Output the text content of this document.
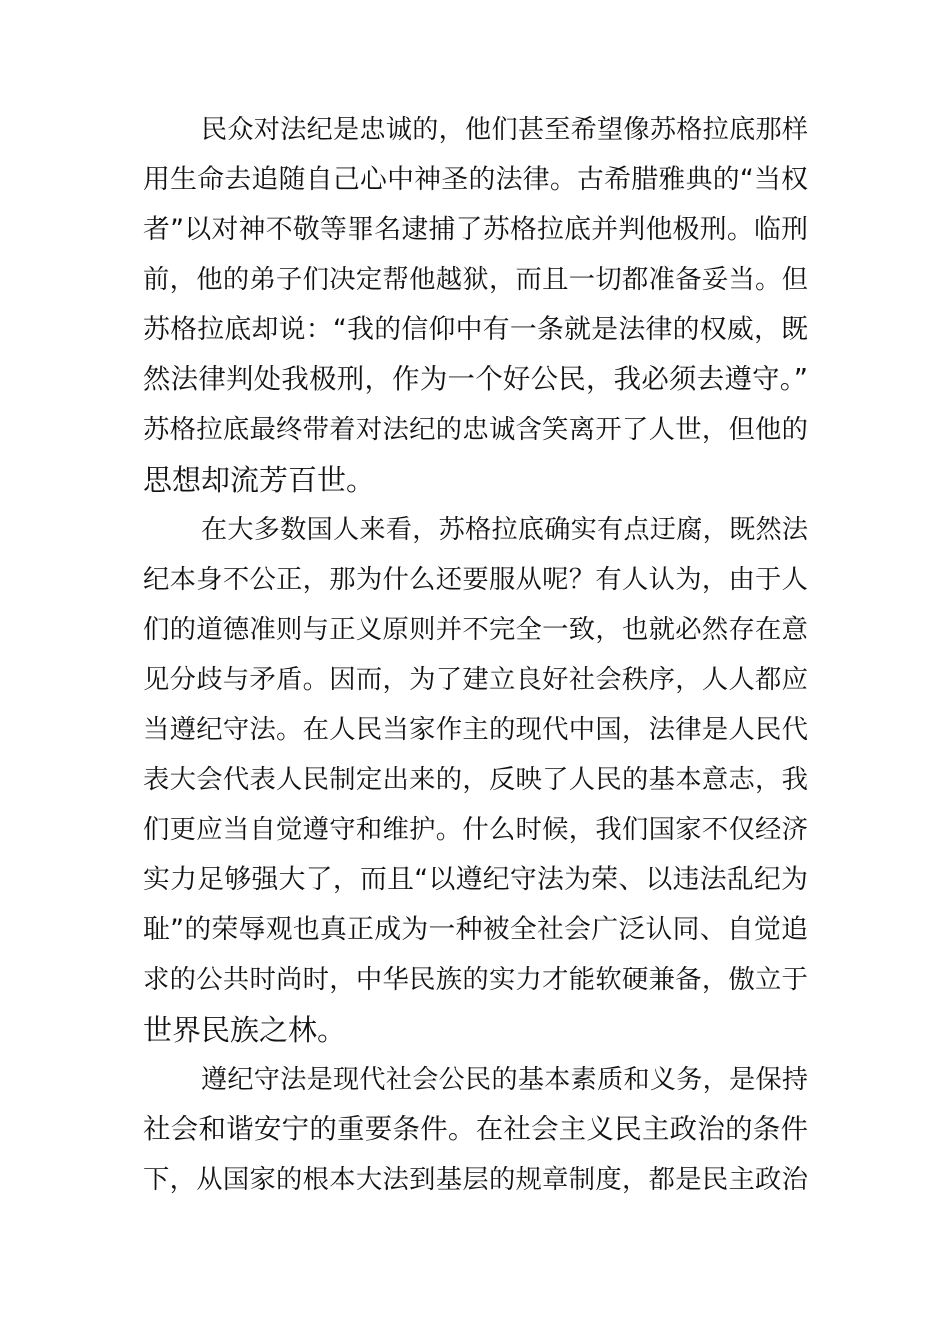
民众对法纪是忠诚的，他们甚至希望像苏格拉底那样
用生命去追随自己心中神圣的法律。古希腊雅典的“当权
者”以对神不敬等罪名逮捕了苏格拉底并判他极刑。临刑
前，他的弟子们决定帮他越狱，而且一切都准备妥当。但
苏格拉底却说：“我的信仰中有一条就是法律的权威，既
然法律判处我极刑，作为一个好公民，我必须去遵守。”
苏格拉底最终带着对法纪的忠诚含笑离开了人世，但他的
思想却流芳百世。
在大多数国人来看，苏格拉底确实有点迂腐，既然法
纪本身不公正，那为什么还要服从呢？有人认为，由于人
们的道德准则与正义原则并不完全一致，也就必然存在意
见分歧与矛盾。因而，为了建立良好社会秩序，人人都应
当遵纪守法。在人民当家作主的现代中国，法律是人民代
表大会代表人民制定出来的，反映了人民的基本意志，我
们更应当自觉遵守和维护。什么时候，我们国家不仅经济
实力足够强大了，而且“以遵纪守法为荣、以违法乱纪为
耻”的荣辱观也真正成为一种被全社会广泛认同、自觉追
求的公共时尚时，中华民族的实力才能软硬兼备，傲立于
世界民族之林。
遵纪守法是现代社会公民的基本素质和义务，是保持
社会和谐安宁的重要条件。在社会主义民主政治的条件
下，从国家的根本大法到基层的规章制度，都是民主政治
